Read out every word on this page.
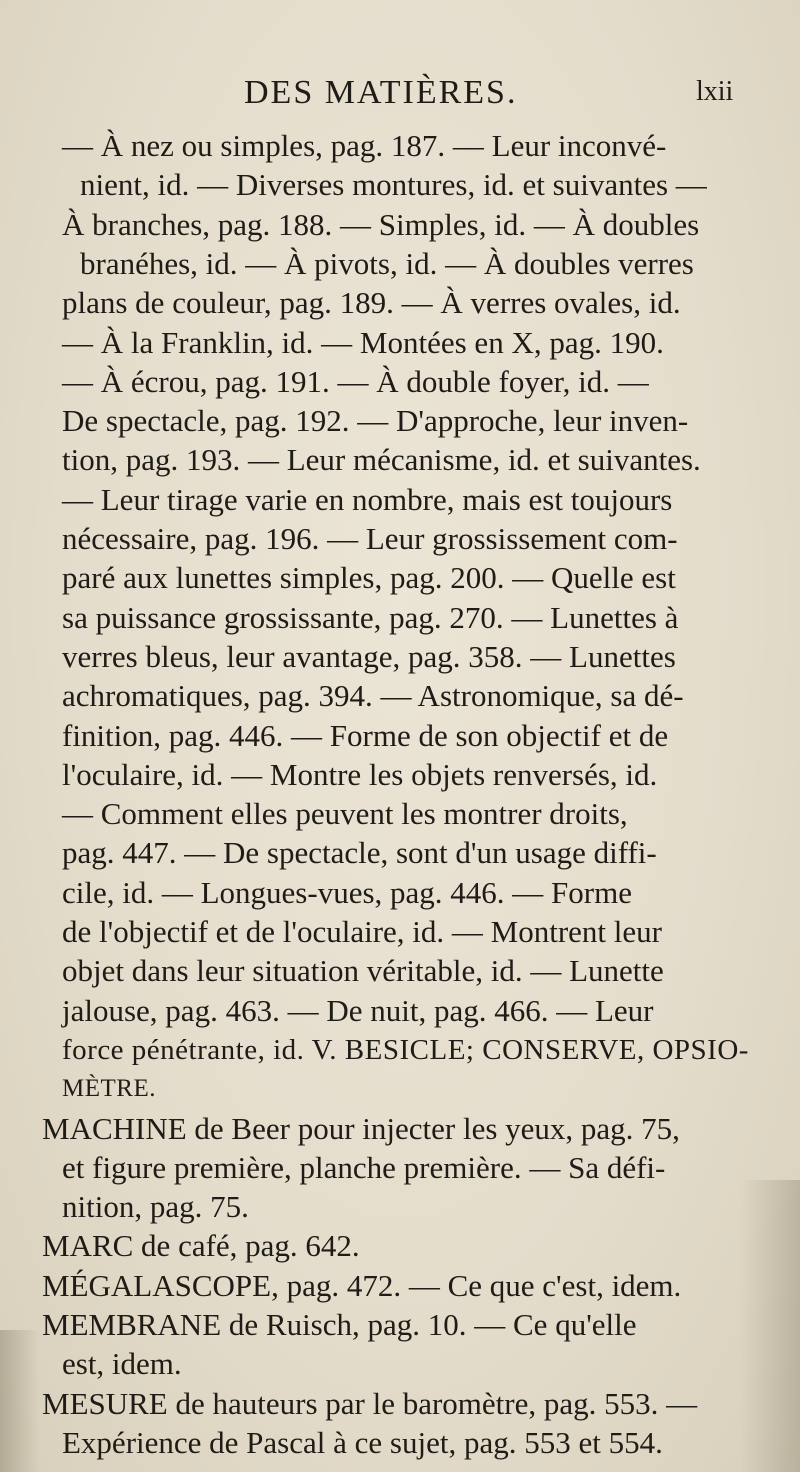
DES MATIÈRES.	lxii
— À nez ou simples, pag. 187. — Leur inconvé-
nient, id. — Diverses montures, id. et suivantes —
À branches, pag. 188. — Simples, id. — À doubles
branéhes, id. — À pivots, id. — À doubles verres
plans de couleur, pag. 189. — À verres ovales, id.
— À la Franklin, id. — Montées en X, pag. 190.
— À écrou, pag. 191. — À double foyer, id. —
De spectacle, pag. 192. — D'approche, leur inven-
tion, pag. 193. — Leur mécanisme, id. et suivantes.
— Leur tirage varie en nombre, mais est toujours
nécessaire, pag. 196. — Leur grossissement com-
paré aux lunettes simples, pag. 200. — Quelle est
sa puissance grossissante, pag. 270. — Lunettes à
verres bleus, leur avantage, pag. 358. — Lunettes
achromatiques, pag. 394. — Astronomique, sa dé-
finition, pag. 446. — Forme de son objectif et de
l'oculaire, id. — Montre les objets renversés, id.
— Comment elles peuvent les montrer droits,
pag. 447. — De spectacle, sont d'un usage diffi-
cile, id. — Longues-vues, pag. 446. — Forme
de l'objectif et de l'oculaire, id. — Montrent leur
objet dans leur situation véritable, id. — Lunette
jalouse, pag. 463. — De nuit, pag. 466. — Leur
force pénétrante, id. V. BESICLE; CONSERVE, OPSIO-
MÈTRE.
MACHINE de Beer pour injecter les yeux, pag. 75,
et figure première, planche première. — Sa défi-
nition, pag. 75.
MARC de café, pag. 642.
MÉGALASCOPE, pag. 472. — Ce que c'est, idem.
MEMBRANE de Ruisch, pag. 10. — Ce qu'elle
est, idem.
MESURE de hauteurs par le baromètre, pag. 553. —
Expérience de Pascal à ce sujet, pag. 553 et 554.
